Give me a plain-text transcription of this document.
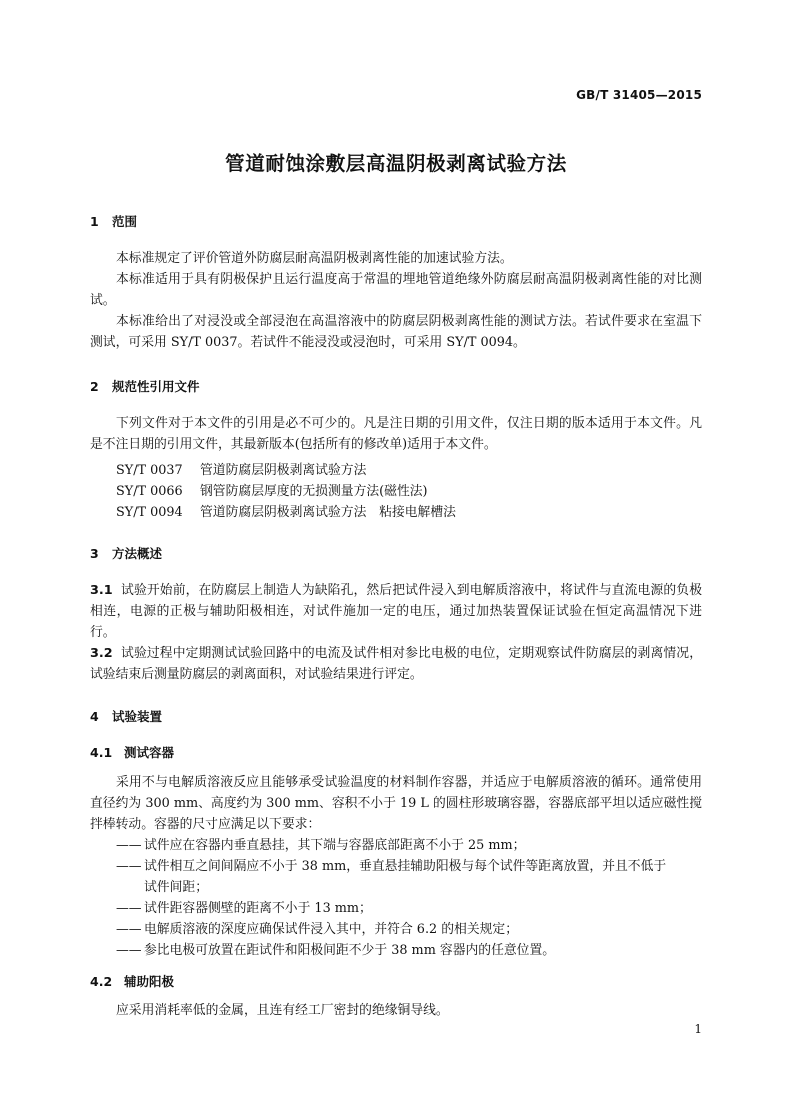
GB/T 31405—2015
管道耐蚀涂敷层高温阴极剥离试验方法
1 范围
本标准规定了评价管道外防腐层耐高温阴极剥离性能的加速试验方法。
本标准适用于具有阴极保护且运行温度高于常温的埋地管道绝缘外防腐层耐高温阴极剥离性能的对比测试。
本标准给出了对浸没或全部浸泡在高温溶液中的防腐层阴极剥离性能的测试方法。若试件要求在室温下测试，可采用 SY/T 0037。若试件不能浸没或浸泡时，可采用 SY/T 0094。
2 规范性引用文件
下列文件对于本文件的引用是必不可少的。凡是注日期的引用文件，仅注日期的版本适用于本文件。凡是不注日期的引用文件，其最新版本(包括所有的修改单)适用于本文件。
SY/T 0037 管道防腐层阴极剥离试验方法
SY/T 0066 钢管防腐层厚度的无损测量方法(磁性法)
SY/T 0094 管道防腐层阴极剥离试验方法　粘接电解槽法
3 方法概述
3.1 试验开始前，在防腐层上制造人为缺陷孔，然后把试件浸入到电解质溶液中，将试件与直流电源的负极相连，电源的正极与辅助阳极相连，对试件施加一定的电压，通过加热装置保证试验在恒定高温情况下进行。
3.2 试验过程中定期测试试验回路中的电流及试件相对参比电极的电位，定期观察试件防腐层的剥离情况，试验结束后测量防腐层的剥离面积，对试验结果进行评定。
4 试验装置
4.1 测试容器
采用不与电解质溶液反应且能够承受试验温度的材料制作容器，并适应于电解质溶液的循环。通常使用直径约为 300 mm、高度约为 300 mm、容积不小于 19 L 的圆柱形玻璃容器，容器底部平坦以适应磁性搅拌棒转动。容器的尺寸应满足以下要求：
—— 试件应在容器内垂直悬挂，其下端与容器底部距离不小于 25 mm；
—— 试件相互之间间隔应不小于 38 mm，垂直悬挂辅助阳极与每个试件等距离放置，并且不低于
试件间距；
—— 试件距容器侧壁的距离不小于 13 mm；
—— 电解质溶液的深度应确保试件浸入其中，并符合 6.2 的相关规定；
—— 参比电极可放置在距试件和阳极间距不少于 38 mm 容器内的任意位置。
4.2 辅助阳极
应采用消耗率低的金属，且连有经工厂密封的绝缘铜导线。
1
